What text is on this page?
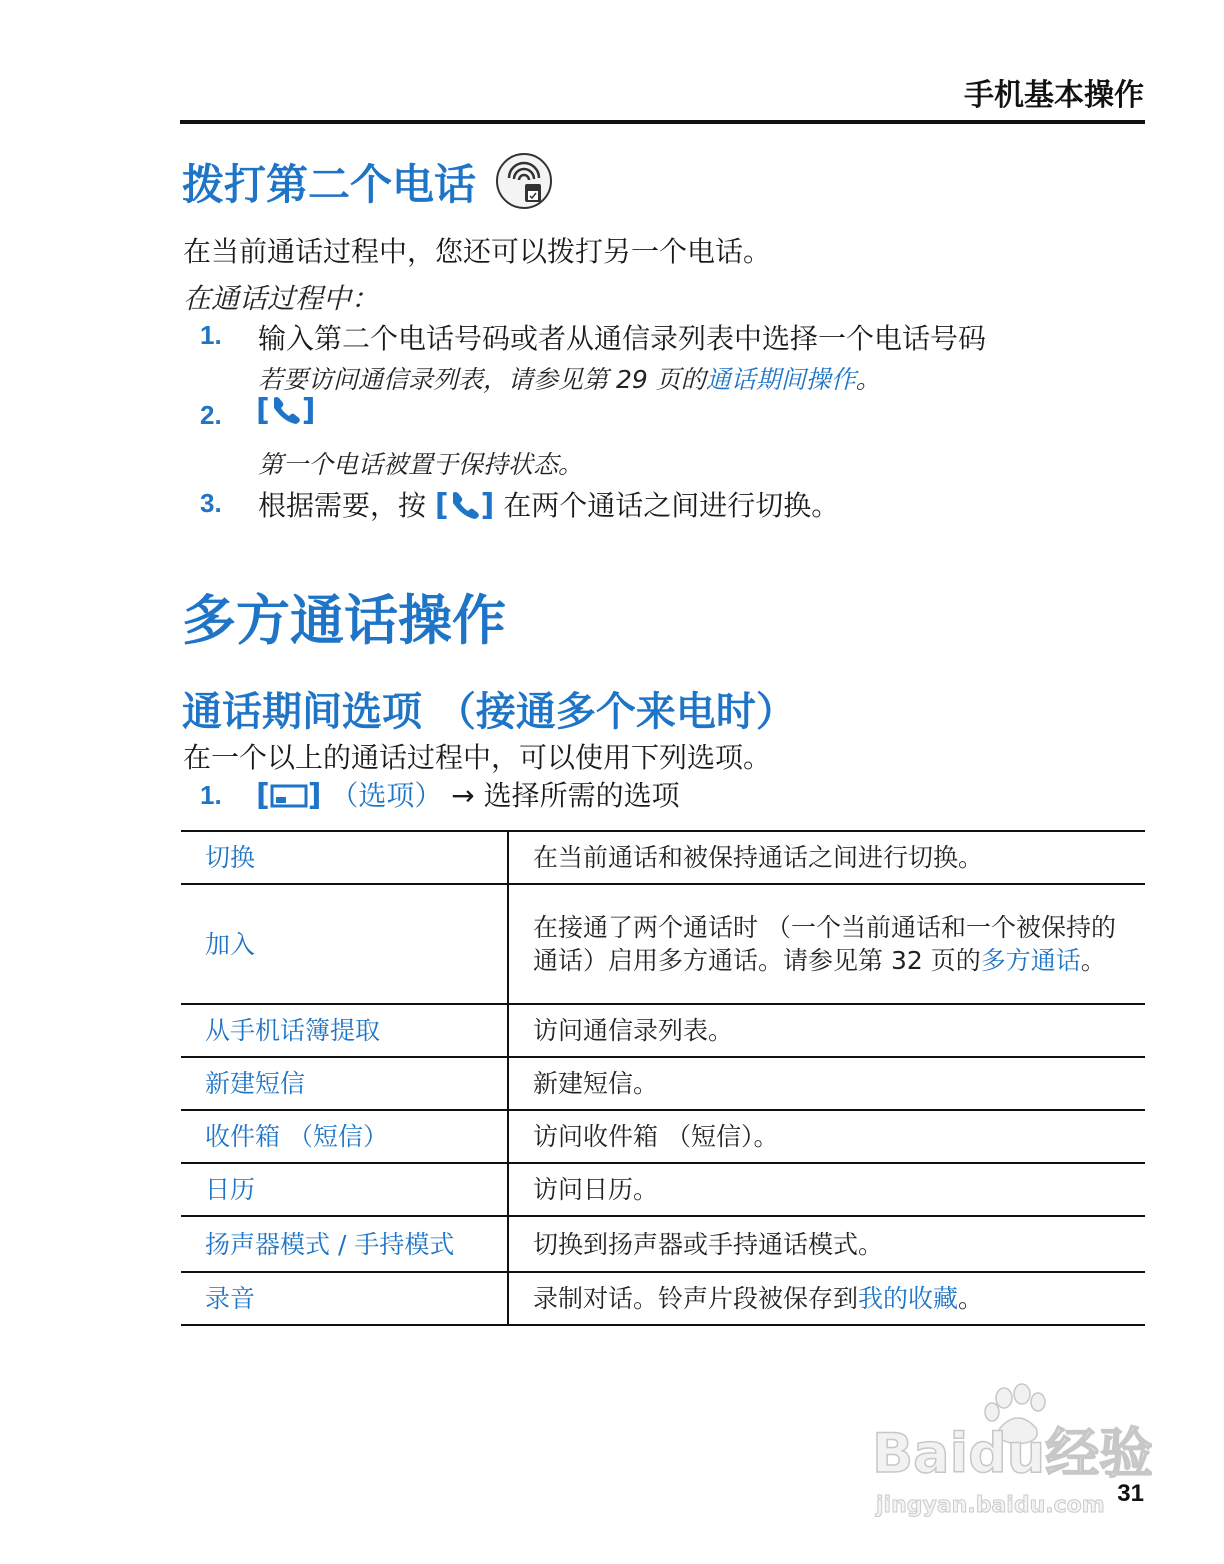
手机基本操作
拨打第二个电话
在当前通话过程中，您还可以拨打另一个电话。
在通话过程中：
1. 输入第二个电话号码或者从通信录列表中选择一个电话号码
若要访问通信录列表，请参见第 29 页的通话期间操作。
2. [ ]
第一个电话被置于保持状态。
3. 根据需要，按 [ ] 在两个通话之间进行切换。
多方通话操作
通话期间选项 （接通多个来电时）
在一个以上的通话过程中，可以使用下列选项。
1. [ ] （选项） → 选择所需的选项
切换	在当前通话和被保持通话之间进行切换。
加入	在接通了两个通话时 （一个当前通话和一个被保持的通话）启用多方通话。请参见第 32 页的多方通话。
从手机话簿提取	访问通信录列表。
新建短信	新建短信。
收件箱 （短信）	访问收件箱 （短信）。
日历	访问日历。
扬声器模式 / 手持模式	切换到扬声器或手持通话模式。
录音	录制对话。铃声片段被保存到我的收藏。
Baidu经验
jingyan.baidu.com 31
